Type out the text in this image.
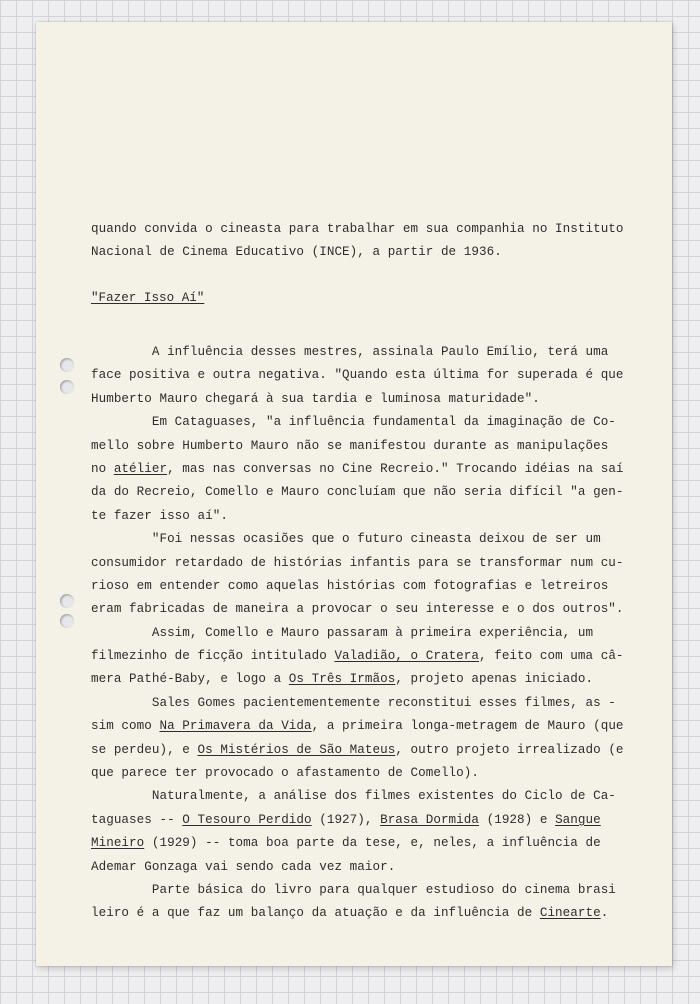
quando convida o cineasta para trabalhar em sua companhia no Instituto
Nacional de Cinema Educativo (INCE), a partir de 1936.
"Fazer Isso Aí"
A influência desses mestres, assinala Paulo Emílio, terá uma
face positiva e outra negativa. "Quando esta última for superada é que
Humberto Mauro chegará à sua tardia e luminosa maturidade".
Em Cataguases, "a influência fundamental da imaginação de Co-
mello sobre Humberto Mauro não se manifestou durante as manipulações
no atélier, mas nas conversas no Cine Recreio." Trocando idéias na saí
da do Recreio, Comello e Mauro concluíam que não seria difícil "a gen-
te fazer isso aí".
"Foi nessas ocasiões que o futuro cineasta deixou de ser um
consumidor retardado de histórias infantis para se transformar num cu-
rioso em entender como aquelas histórias com fotografias e letreiros
eram fabricadas de maneira a provocar o seu interesse e o dos outros".
Assim, Comello e Mauro passaram à primeira experiência, um
filmezinho de ficção intitulado Valadião, o Cratera, feito com uma câ-
mera Pathé-Baby, e logo a Os Três Irmãos, projeto apenas iniciado.
Sales Gomes pacientementemente reconstitui esses filmes, as -
sim como Na Primavera da Vida, a primeira longa-metragem de Mauro (que
se perdeu), e Os Mistérios de São Mateus, outro projeto irrealizado (e
que parece ter provocado o afastamento de Comello).
Naturalmente, a análise dos filmes existentes do Ciclo de Ca-
taguases -- O Tesouro Perdido (1927), Brasa Dormida (1928) e Sangue
Mineiro (1929) -- toma boa parte da tese, e, neles, a influência de
Ademar Gonzaga vai sendo cada vez maior.
Parte básica do livro para qualquer estudioso do cinema brasi
leiro é a que faz um balanço da atuação e da influência de Cinearte.
